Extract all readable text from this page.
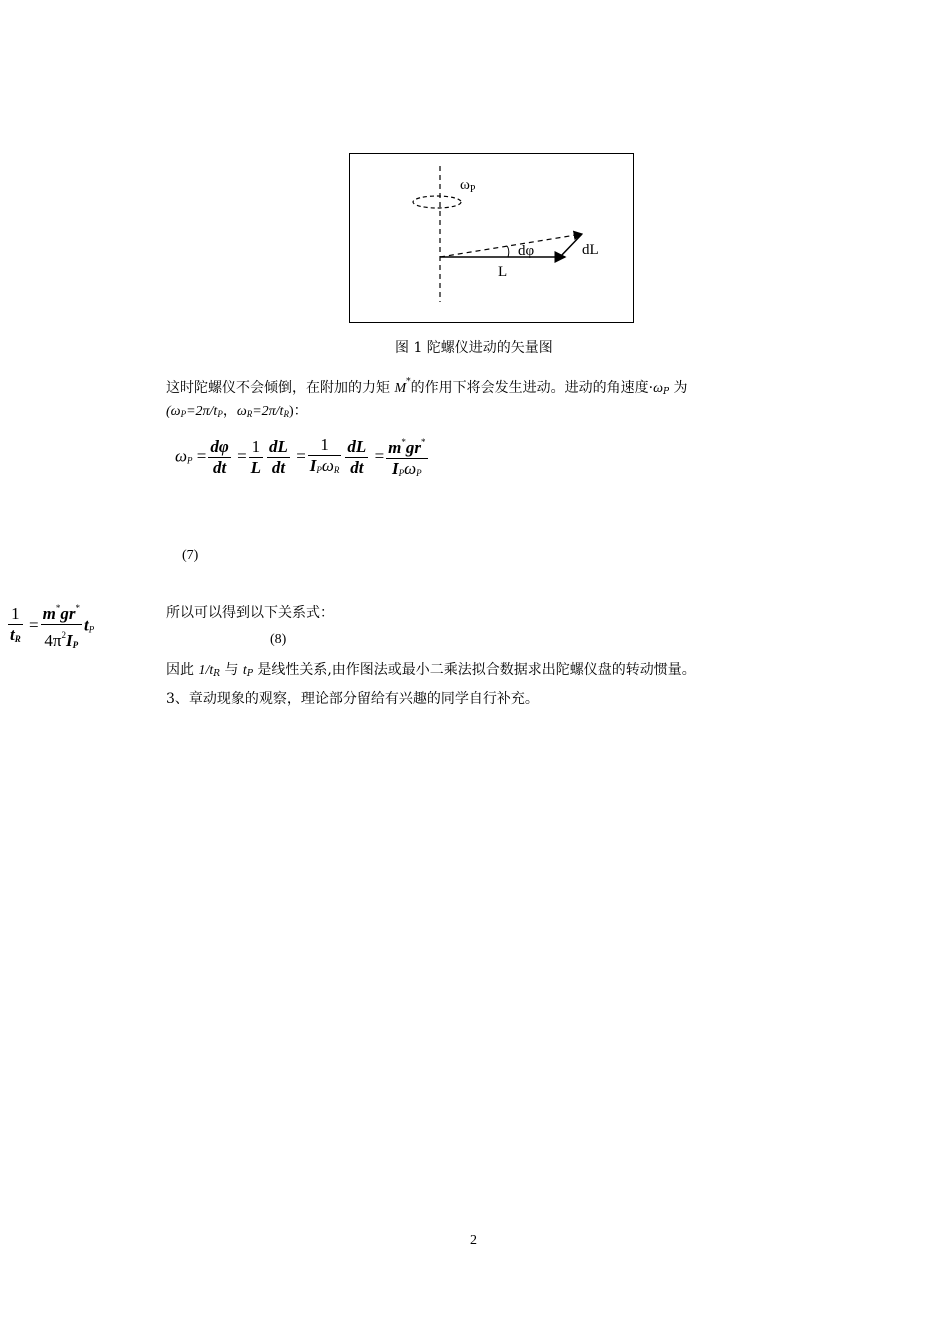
$\omega_P$
dφ	dL
L
图 1 陀螺仪进动的矢量图
这时陀螺仪不会倾倒，在附加的力矩 M*的作用下将会发生进动。进动的角速度$\cdot\omega_P$ 为
($\omega_P=2\pi/t_P$，$\omega_R=2\pi/t_R$)：
$\omega_P = \frac{d\varphi}{dt} = \frac{1}{L} \frac{dL}{dt} = \frac{1}{I_P\omega_R} \frac{dL}{dt} = \frac{m^*gr^*}{I_P\omega_P}$
(7)
$\frac{1}{t_R} = \frac{m^*gr^*}{4\pi^2I_P} t_P$
所以可以得到以下关系式：
(8)
因此 $1/t_R$ 与 $t_P$ 是线性关系,由作图法或最小二乘法拟合数据求出陀螺仪盘的转动惯量。
3、章动现象的观察，理论部分留给有兴趣的同学自行补充。
2
